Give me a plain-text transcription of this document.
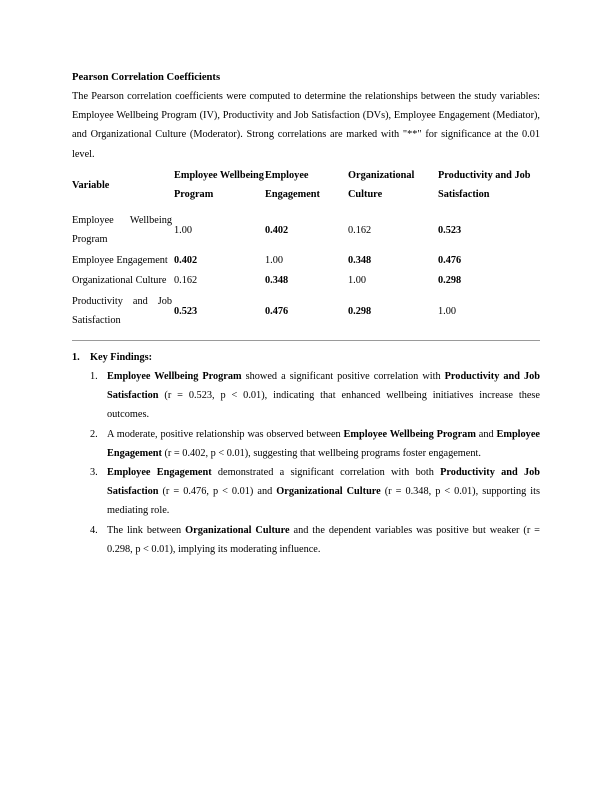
Pearson Correlation Coefficients

The Pearson correlation coefficients were computed to determine the relationships between the study variables: Employee Wellbeing Program (IV), Productivity and Job Satisfaction (DVs), Employee Engagement (Mediator), and Organizational Culture (Moderator). Strong correlations are marked with "**" for significance at the 0.01 level.

Variable	Employee Wellbeing Program	Employee Engagement	Organizational Culture	Productivity and Job Satisfaction
Employee Wellbeing Program	1.00	0.402	0.162	0.523
Employee Engagement	0.402	1.00	0.348	0.476
Organizational Culture	0.162	0.348	1.00	0.298
Productivity and Job Satisfaction	0.523	0.476	0.298	1.00
1. Key Findings:
1. Employee Wellbeing Program showed a significant positive correlation with Productivity and Job Satisfaction (r = 0.523, p < 0.01), indicating that enhanced wellbeing initiatives increase these outcomes.
2. A moderate, positive relationship was observed between Employee Wellbeing Program and Employee Engagement (r = 0.402, p < 0.01), suggesting that wellbeing programs foster engagement.
3. Employee Engagement demonstrated a significant correlation with both Productivity and Job Satisfaction (r = 0.476, p < 0.01) and Organizational Culture (r = 0.348, p < 0.01), supporting its mediating role.
4. The link between Organizational Culture and the dependent variables was positive but weaker (r = 0.298, p < 0.01), implying its moderating influence.
